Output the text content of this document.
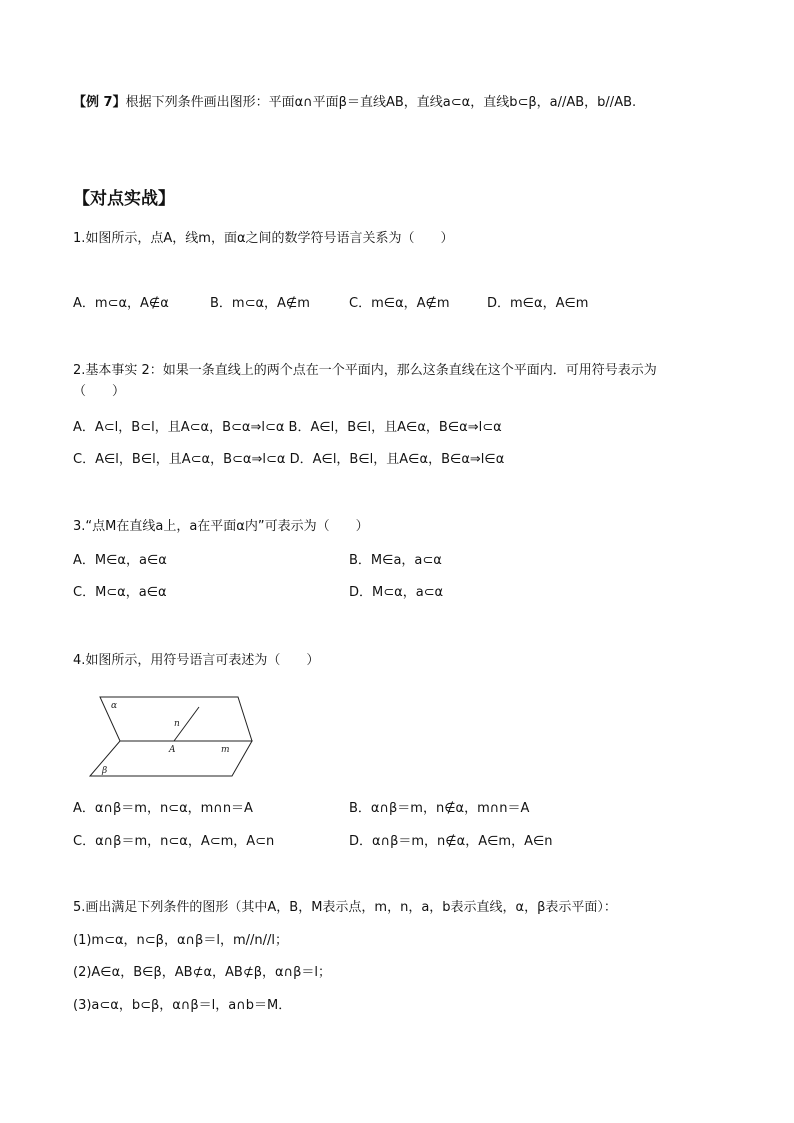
【例 7】根据下列条件画出图形：平面α∩平面β＝直线AB，直线a⊂α，直线b⊂β，a//AB，b//AB.
【对点实战】
1.如图所示，点A，线m，面α之间的数学符号语言关系为（　　）
A．m⊂α，A∉α	B．m⊂α，A∉m	C．m∈α，A∉m	D．m∈α，A∈m
2.基本事实 2：如果一条直线上的两个点在一个平面内，那么这条直线在这个平面内．可用符号表示为
（　　）
A．A⊂l，B⊂l，且A⊂α，B⊂α⇒l⊂α B．A∈l，B∈l，且A∈α，B∈α⇒l⊂α
C．A∈l，B∈l，且A⊂α，B⊂α⇒l⊂α D．A∈l，B∈l，且A∈α，B∈α⇒l∈α
3.“点M在直线a上，a在平面α内”可表示为（　　）
A．M∈α，a∈α	B．M∈a，a⊂α
C．M⊂α，a∈α	D．M⊂α，a⊂α
4.如图所示，用符号语言可表述为（　　）
α
n
A	m
β
A．α∩β＝m，n⊂α，m∩n＝A	B．α∩β＝m，n∉α，m∩n＝A
C．α∩β＝m，n⊂α，A⊂m，A⊂n	D．α∩β＝m，n∉α，A∈m，A∈n
5.画出满足下列条件的图形（其中A，B，M表示点，m，n，a，b表示直线，α，β表示平面）：
(1)m⊂α，n⊂β，α∩β＝l，m//n//l；
(2)A∈α，B∈β，AB⊄α，AB⊄β，α∩β＝l；
(3)a⊂α，b⊂β，α∩β＝l，a∩b＝M．
